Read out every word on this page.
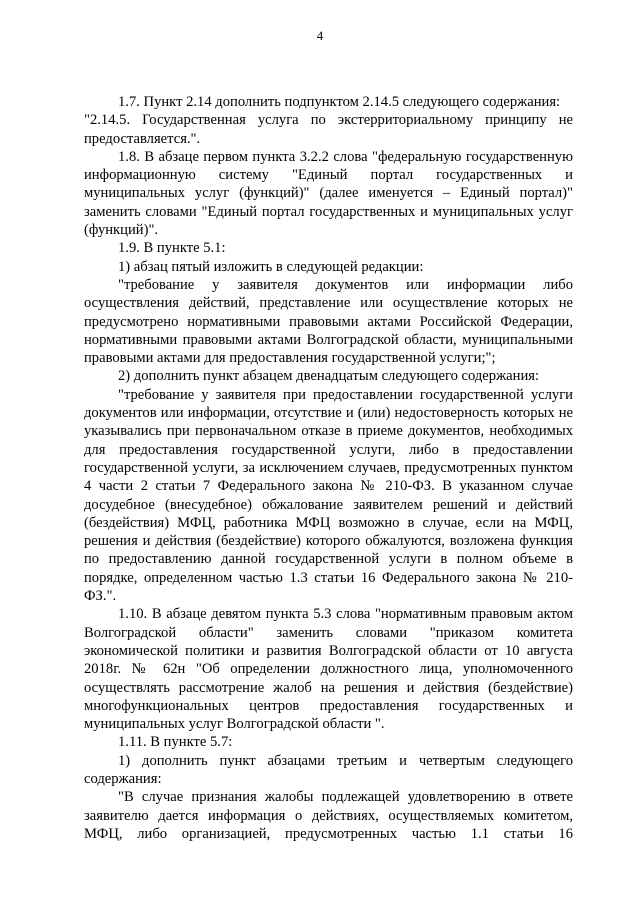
4

1.7. Пункт 2.14 дополнить подпунктом 2.14.5 следующего содержания:

"2.14.5. Государственная услуга по экстерриториальному принципу не предоставляется.".

1.8. В абзаце первом пункта 3.2.2 слова "федеральную государственную информационную систему "Единый портал государственных и муниципальных услуг (функций)" (далее именуется – Единый портал)" заменить словами "Единый портал государственных и муниципальных услуг (функций)".

1.9. В пункте 5.1:

1) абзац пятый изложить в следующей редакции:

"требование у заявителя документов или информации либо осуществления действий, представление или осуществление которых не предусмотрено нормативными правовыми актами Российской Федерации, нормативными правовыми актами Волгоградской области, муниципальными правовыми актами для предоставления государственной услуги;";

2) дополнить пункт абзацем двенадцатым следующего содержания:

"требование у заявителя при предоставлении государственной услуги документов или информации, отсутствие и (или) недостоверность которых не указывались при первоначальном отказе в приеме документов, необходимых для предоставления государственной услуги, либо в предоставлении государственной услуги, за исключением случаев, предусмотренных пунктом 4 части 2 статьи 7 Федерального закона № 210-ФЗ. В указанном случае досудебное (внесудебное) обжалование заявителем решений и действий (бездействия) МФЦ, работника МФЦ возможно в случае, если на МФЦ, решения и действия (бездействие) которого обжалуются, возложена функция по предоставлению данной государственной услуги в полном объеме в порядке, определенном частью 1.3 статьи 16 Федерального закона № 210-ФЗ.".

1.10. В абзаце девятом пункта 5.3 слова "нормативным правовым актом Волгоградской области" заменить словами "приказом комитета экономической политики и развития Волгоградской области от 10 августа 2018г. № 62н "Об определении должностного лица, уполномоченного осуществлять рассмотрение жалоб на решения и действия (бездействие) многофункциональных центров предоставления государственных и муниципальных услуг Волгоградской области ".

1.11. В пункте 5.7:

1) дополнить пункт абзацами третьим и четвертым следующего содержания:

"В случае признания жалобы подлежащей удовлетворению в ответе заявителю дается информация о действиях, осуществляемых комитетом, МФЦ, либо организацией, предусмотренных частью 1.1 статьи 16
